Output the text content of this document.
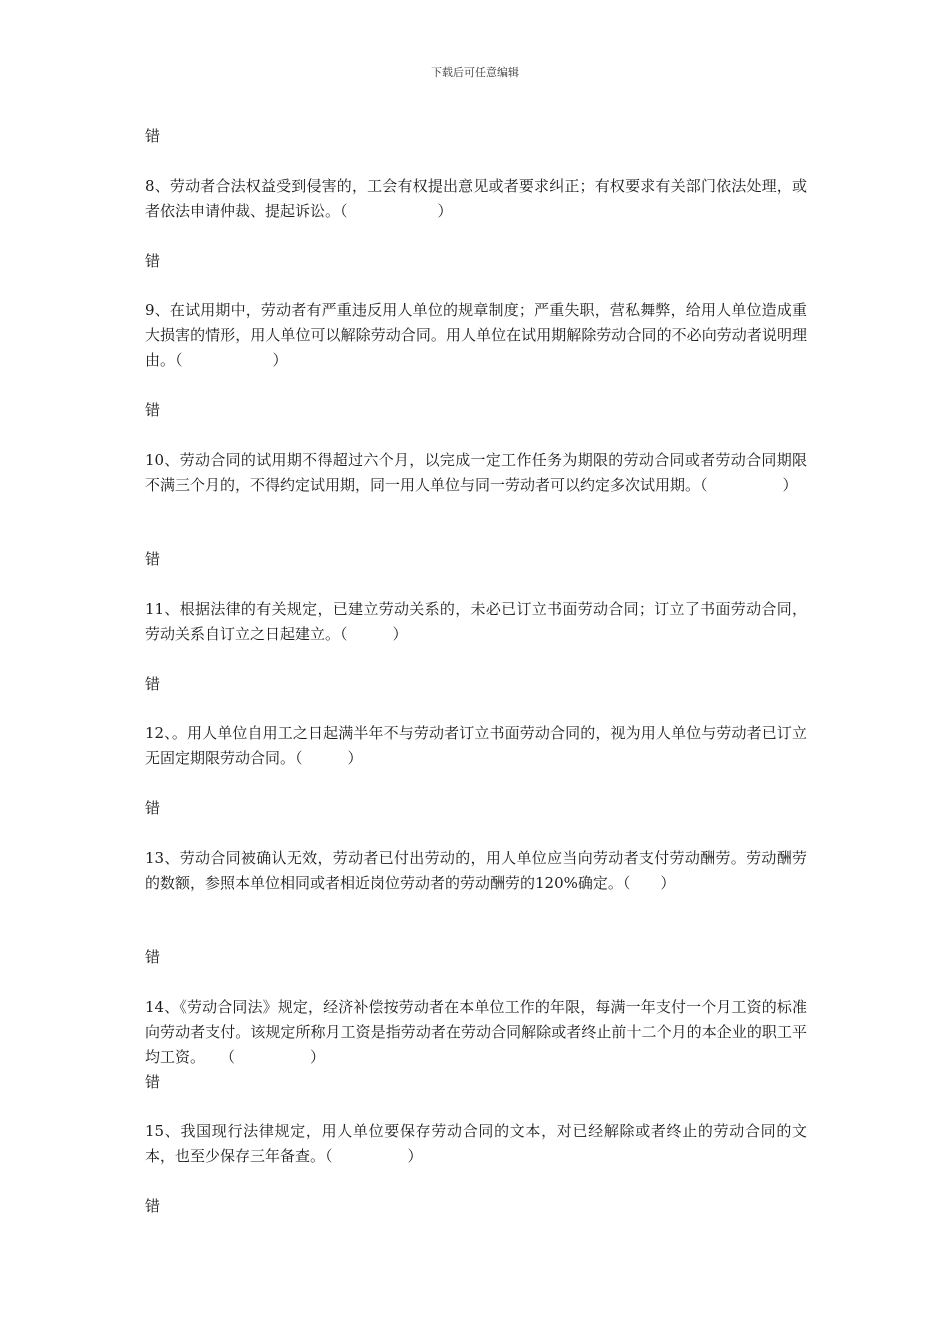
下载后可任意编辑
错

8、劳动者合法权益受到侵害的，工会有权提出意见或者要求纠正；有权要求有关部门依法处理，或者依法申请仲裁、提起诉讼。（　　　　　　）

错

9、在试用期中，劳动者有严重违反用人单位的规章制度；严重失职，营私舞弊，给用人单位造成重大损害的情形，用人单位可以解除劳动合同。用人单位在试用期解除劳动合同的不必向劳动者说明理由。（　　　　　　）

错

10、劳动合同的试用期不得超过六个月，以完成一定工作任务为期限的劳动合同或者劳动合同期限不满三个月的，不得约定试用期，同一用人单位与同一劳动者可以约定多次试用期。（　　　　　）

错

11、根据法律的有关规定，已建立劳动关系的，未必已订立书面劳动合同；订立了书面劳动合同，劳动关系自订立之日起建立。（　　　）

错

12、。用人单位自用工之日起满半年不与劳动者订立书面劳动合同的，视为用人单位与劳动者已订立无固定期限劳动合同。（　　　）

错

13、劳动合同被确认无效，劳动者已付出劳动的，用人单位应当向劳动者支付劳动酬劳。劳动酬劳的数额，参照本单位相同或者相近岗位劳动者的劳动酬劳的120%确定。（　　）

错

14、《劳动合同法》规定，经济补偿按劳动者在本单位工作的年限，每满一年支付一个月工资的标准向劳动者支付。该规定所称月工资是指劳动者在劳动合同解除或者终止前十二个月的本企业的职工平均工资。　　（　　　　　）

错

15、我国现行法律规定，用人单位要保存劳动合同的文本，对已经解除或者终止的劳动合同的文本，也至少保存三年备查。（　　　　　）

错
